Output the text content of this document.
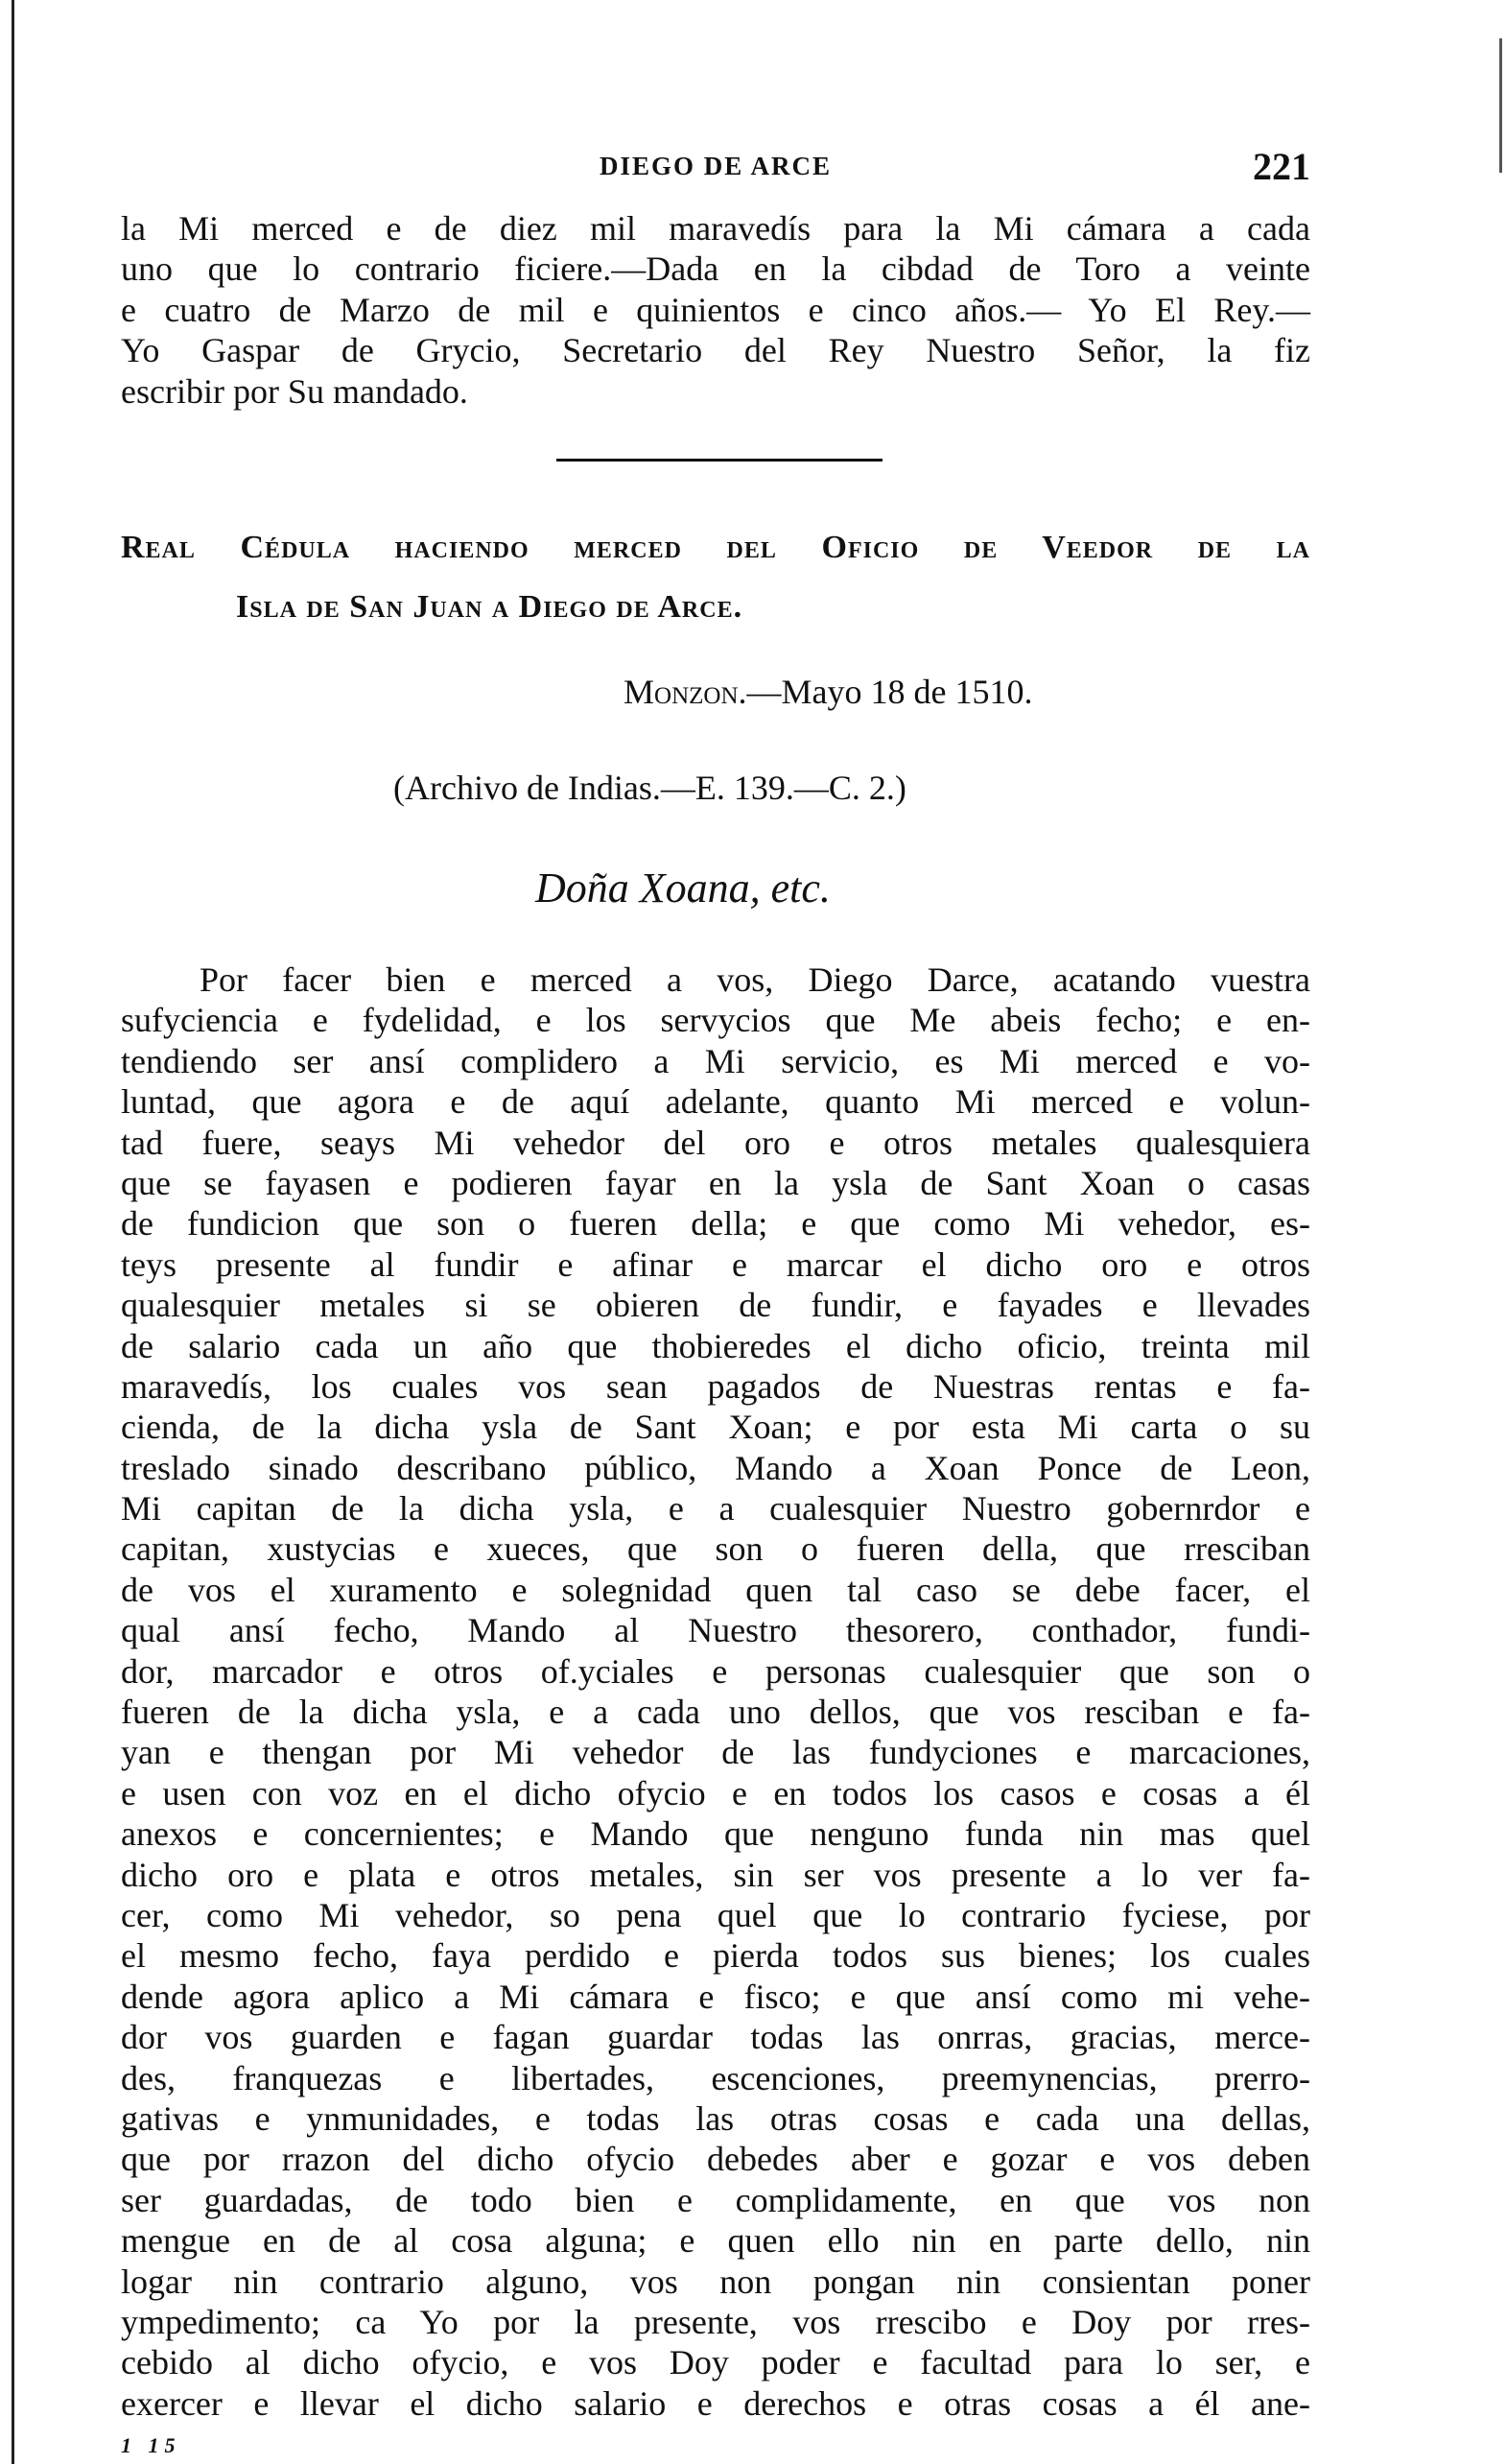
DIEGO DE ARCE	221
la Mi merced e de diez mil maravedís para la Mi cámara a cada
uno que lo contrario ficiere.—Dada en la cibdad de Toro a veinte
e cuatro de Marzo de mil e quinientos e cinco años.— Yo El Rey.—
Yo Gaspar de Grycio, Secretario del Rey Nuestro Señor, la fiz
escribir por Su mandado.
Real Cédula haciendo merced del Oficio de Veedor de la
Isla de San Juan a Diego de Arce.
Monzon.—Mayo 18 de 1510.
(Archivo de Indias.—E. 139.—C. 2.)
Doña Xoana, etc.
Por facer bien e merced a vos, Diego Darce, acatando vuestra
sufyciencia e fydelidad, e los servycios que Me abeis fecho; e en-
tendiendo ser ansí complidero a Mi servicio, es Mi merced e vo-
luntad, que agora e de aquí adelante, quanto Mi merced e volun-
tad fuere, seays Mi vehedor del oro e otros metales qualesquiera
que se fayasen e podieren fayar en la ysla de Sant Xoan o casas
de fundicion que son o fueren della; e que como Mi vehedor, es-
teys presente al fundir e afinar e marcar el dicho oro e otros
qualesquier metales si se obieren de fundir, e fayades e llevades
de salario cada un año que thobieredes el dicho oficio, treinta mil
maravedís, los cuales vos sean pagados de Nuestras rentas e fa-
cienda, de la dicha ysla de Sant Xoan; e por esta Mi carta o su
treslado sinado describano público, Mando a Xoan Ponce de Leon,
Mi capitan de la dicha ysla, e a cualesquier Nuestro gobernrdor e
capitan, xustycias e xueces, que son o fueren della, que rresciban
de vos el xuramento e solegnidad quen tal caso se debe facer, el
qual ansí fecho, Mando al Nuestro thesorero, conthador, fundi-
dor, marcador e otros of.yciales e personas cualesquier que son o
fueren de la dicha ysla, e a cada uno dellos, que vos resciban e fa-
yan e thengan por Mi vehedor de las fundyciones e marcaciones,
e usen con voz en el dicho ofycio e en todos los casos e cosas a él
anexos e concernientes; e Mando que nenguno funda nin mas quel
dicho oro e plata e otros metales, sin ser vos presente a lo ver fa-
cer, como Mi vehedor, so pena quel que lo contrario fyciese, por
el mesmo fecho, faya perdido e pierda todos sus bienes; los cuales
dende agora aplico a Mi cámara e fisco; e que ansí como mi vehe-
dor vos guarden e fagan guardar todas las onrras, gracias, merce-
des, franquezas e libertades, escenciones, preemynencias, prerro-
gativas e ynmunidades, e todas las otras cosas e cada una dellas,
que por rrazon del dicho ofycio debedes aber e gozar e vos deben
ser guardadas, de todo bien e complidamente, en que vos non
mengue en de al cosa alguna; e quen ello nin en parte dello, nin
logar nin contrario alguno, vos non pongan nin consientan poner
ympedimento; ca Yo por la presente, vos rrescibo e Doy por rres-
cebido al dicho ofycio, e vos Doy poder e facultad para lo ser, e
exercer e llevar el dicho salario e derechos e otras cosas a él ane-
1 15
